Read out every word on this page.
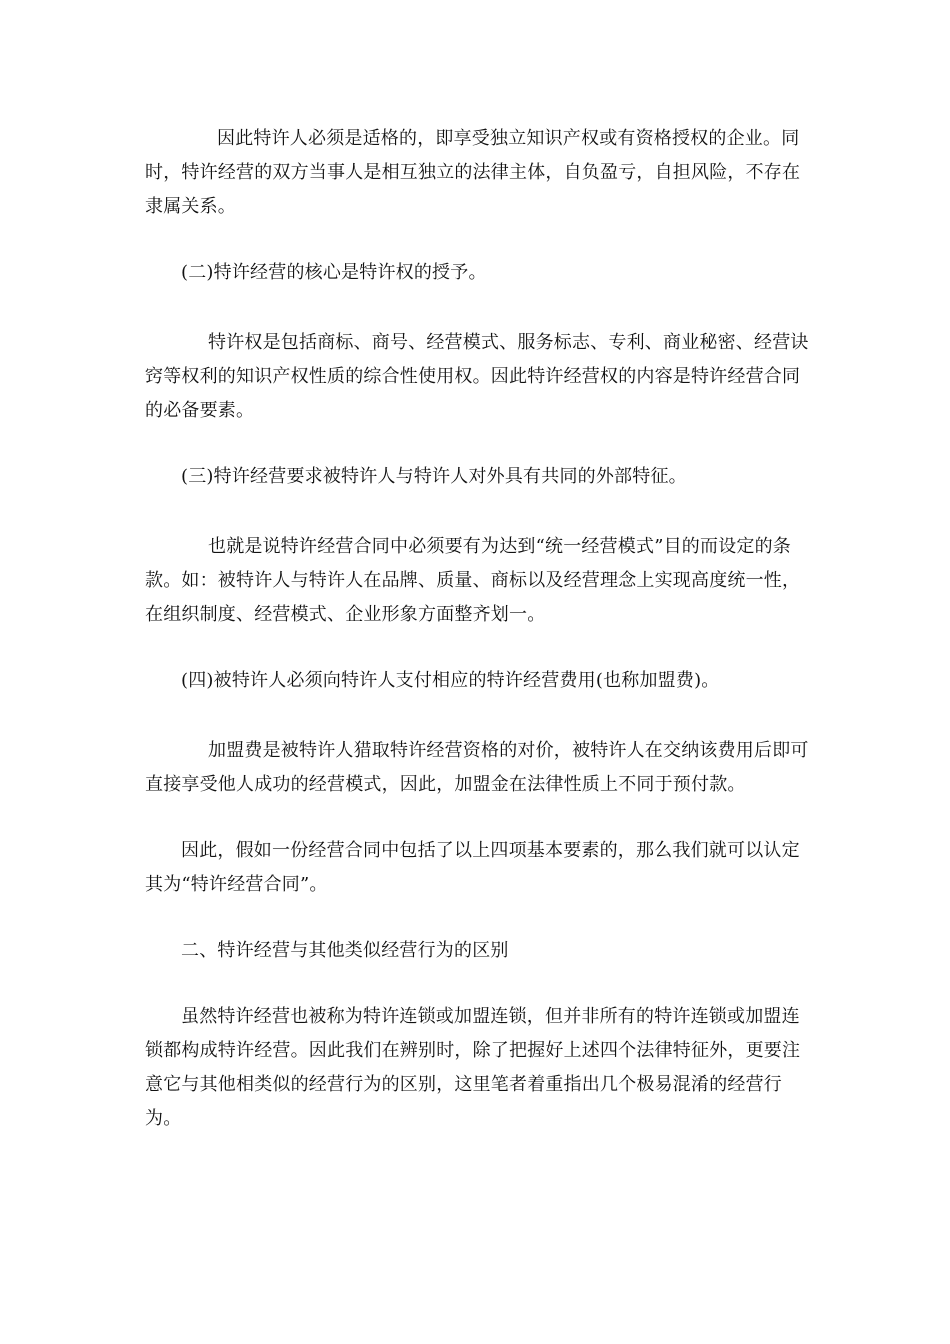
因此特许人必须是适格的，即享受独立知识产权或有资格授权的企业。同时，特许经营的双方当事人是相互独立的法律主体，自负盈亏，自担风险，不存在隶属关系。

(二)特许经营的核心是特许权的授予。

特许权是包括商标、商号、经营模式、服务标志、专利、商业秘密、经营诀窍等权利的知识产权性质的综合性使用权。因此特许经营权的内容是特许经营合同的必备要素。

(三)特许经营要求被特许人与特许人对外具有共同的外部特征。

也就是说特许经营合同中必须要有为达到“统一经营模式”目的而设定的条款。如：被特许人与特许人在品牌、质量、商标以及经营理念上实现高度统一性，在组织制度、经营模式、企业形象方面整齐划一。

(四)被特许人必须向特许人支付相应的特许经营费用(也称加盟费)。

加盟费是被特许人猎取特许经营资格的对价，被特许人在交纳该费用后即可直接享受他人成功的经营模式，因此，加盟金在法律性质上不同于预付款。

因此，假如一份经营合同中包括了以上四项基本要素的，那么我们就可以认定其为“特许经营合同”。

二、特许经营与其他类似经营行为的区别

虽然特许经营也被称为特许连锁或加盟连锁，但并非所有的特许连锁或加盟连锁都构成特许经营。因此我们在辨别时，除了把握好上述四个法律特征外，更要注意它与其他相类似的经营行为的区别，这里笔者着重指出几个极易混淆的经营行为。
